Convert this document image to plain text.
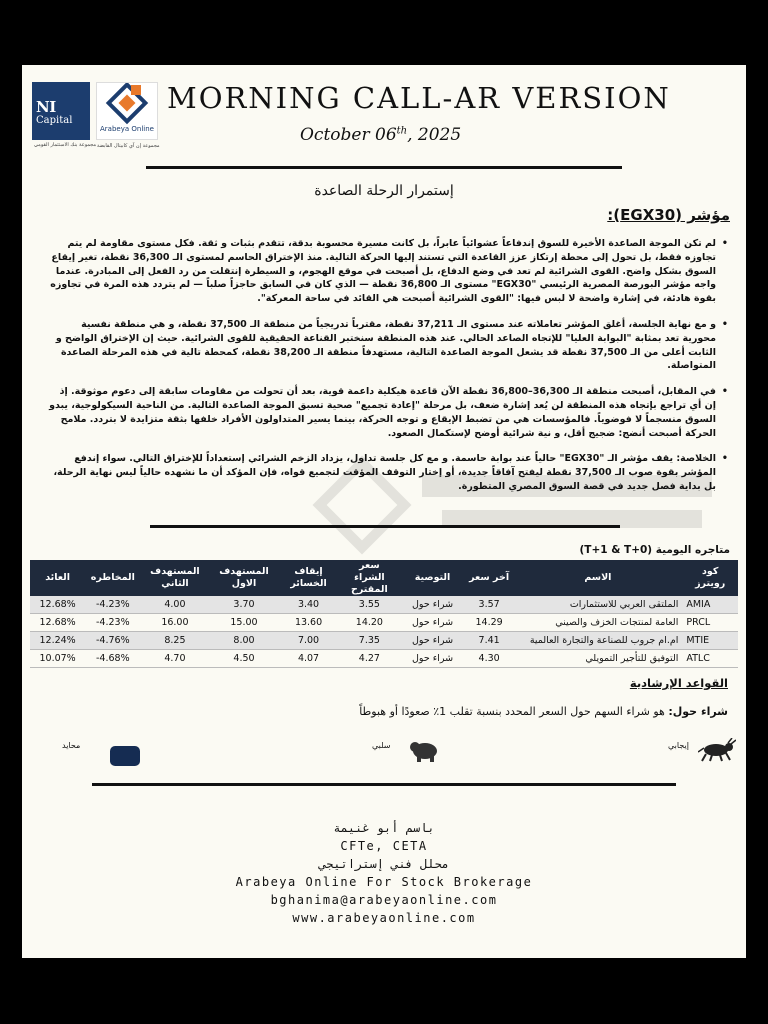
NI
Capital
مجموعة بنك الاستثمار القومي
Arabeya Online
مجموعة إن آي كابيتال القابضة
MORNING CALL-AR VERSION
October 06th, 2025
إستمرار الرحلة الصاعدة
مؤشر (EGX30):

• لم تكن الموجة الصاعدة الأخيرة للسوق إندفاعاً عشوائياً عابراً، بل كانت مسيرة محسوبة بدقة، تتقدم بثبات و ثقة. فكل مستوى مقاومة لم يتم تجاوزه فقط، بل تحول إلى محطة إرتكاز عزز القاعدة التي تستند إليها الحركة التالية. منذ الإختراق الحاسم لمستوى الـ 36,300 نقطة، تغير إيقاع السوق بشكل واضح. القوى الشرائية لم تعد في وضع الدفاع، بل أصبحت في موقع الهجوم، و السيطرة إنتقلت من رد الفعل إلى المبادرة. عندما واجه مؤشر البورصة المصرية الرئيسي "EGX30" مستوى الـ 36,800 نقطة — الذي كان في السابق حاجزاً صلباً — لم يتردد هذه المرة في تجاوزه بقوة هادئة، في إشارة واضحة لا لبس فيها: "القوى الشرائية أصبحت هي القائد في ساحة المعركة".

• و مع نهاية الجلسة، أغلق المؤشر تعاملاته عند مستوى الـ 37,211 نقطة، مقترباً تدريجياً من منطقة الـ 37,500 نقطة، و هي منطقة نفسية محورية تعد بمثابة "البوابة العليا" للإتجاه الصاعد الحالي. عند هذه المنطقة سنختبر القناعة الحقيقية للقوى الشرائية. حيث إن الإختراق الواضح و الثابت أعلى من الـ 37,500 نقطة قد يشعل الموجة الصاعدة التالية، مستهدفاً منطقة الـ 38,200 نقطة، كمحطة تالية في هذه المرحلة الصاعدة المتواصلة.

• في المقابل، أصبحت منطقة الـ 36,300–36,800 نقطة الآن قاعدة هيكلية داعمة قوية، بعد أن تحولت من مقاومات سابقة إلى دعوم موثوقة. إذ إن أي تراجع بإتجاه هذه المنطقة لن يُعد إشارة ضعف، بل مرحلة "إعادة تجميع" صحية تسبق الموجة الصاعدة التالية. من الناحية السيكولوجية، يبدو السوق منسجماً لا فوضوياً. فالمؤسسات هي من تضبط الإيقاع و توجه الحركة، بينما يسير المتداولون الأفراد خلفها بثقة متزايدة لا بتردد. ملامح الحركة أصبحت أنضج: ضجيج أقل، و نية شرائية أوضح لإستكمال الصعود.

• الخلاصة: يقف مؤشر الـ "EGX30" حالياً عند بوابة حاسمة. و مع كل جلسة تداول، يزداد الزخم الشرائي إستعداداً للإختراق التالي. سواء إندفع المؤشر بقوة صوب الـ 37,500 نقطة ليفتح آفاقاً جديدة، أو إختار التوقف المؤقت لتجميع قواه، فإن المؤكد أن ما نشهده حالياً ليس نهاية الرحلة، بل بداية فصل جديد في قصة السوق المصري المتطورة.

متاجره اليومية (T+1 & T+0)
العائد	المخاطره	المستهدف الثاني	المستهدف الاول	إيقاف الخسائر	سعر الشراء المقترح	التوصية	آخر سعر	الاسم	كود رويترز
12.68%	-4.23%	4.00	3.70	3.40	3.55	شراء حول	3.57	الملتقى العربي للاستثمارات	AMIA
12.68%	-4.23%	16.00	15.00	13.60	14.20	شراء حول	14.29	العامة لمنتجات الخزف والصيني	PRCL
12.24%	-4.76%	8.25	8.00	7.00	7.35	شراء حول	7.41	ام.ام جروب للصناعة والتجارة العالمية	MTIE
10.07%	-4.68%	4.70	4.50	4.07	4.27	شراء حول	4.30	التوفيق للتأجير التمويلي	ATLC
القواعد الإرشادية
شراء حول: هو شراء السهم حول السعر المحدد بنسبة تقلب 1٪ صعودًا أو هبوطاً
محايد	سلبي	إيجابي
باسم أبو غنيمة
CFTe, CETA
محلل فني إستراتيجي
Arabeya Online For Stock Brokerage
bghanima@arabeyaonline.com
www.arabeyaonline.com
